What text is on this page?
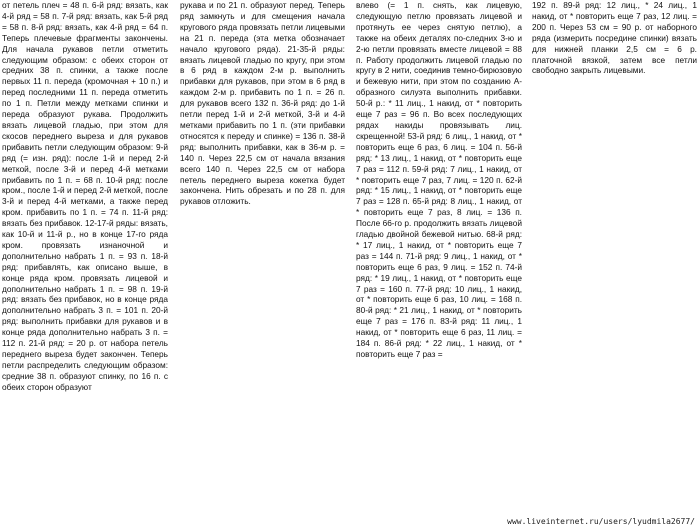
от петель плеч = 48 п. 6-й ряд: вязать, как 4-й ряд = 58 п. 7-й ряд: вязать, как 5-й ряд = 58 п. 8-й ряд: вязать, как 4-й ряд = 64 п. Теперь плечевые фрагменты закончены. Для начала рукавов петли отметить следующим образом: с обеих сторон от средних 38 п. спинки, а также после первых 11 п. переда (кромочная + 10 п.) и перед последними 11 п. переда отметить по 1 п. Петли между метками спинки и переда образуют рукава. Продолжить вязать лицевой гладью, при этом для скосов переднего выреза и для рукавов прибавить петли следующим образом: 9-й ряд (= изн. ряд): после 1-й и перед 2-й меткой, после 3-й и перед 4-й метками прибавить по 1 п. = 68 п. 10-й ряд: после кром., после 1-й и перед 2-й меткой, после 3-й и перед 4-й метками, а также перед кром. прибавить по 1 п. = 74 п. 11-й ряд: вязать без прибавок. 12-17-й ряды: вязать, как 10-й и 11-й р., но в конце 17-го ряда кром. провязать изнаночной и дополнительно набрать 1 п. = 93 п. 18-й ряд: прибавлять, как описано выше, в конце ряда кром. провязать лицевой и дополнительно набрать 1 п. = 98 п. 19-й ряд: вязать без прибавок, но в конце ряда дополнительно набрать 3 п. = 101 п. 20-й ряд: выполнить прибавки для рукавов и в конце ряда дополнительно набрать 3 п. = 112 п. 21-й ряд: = 20 р. от набора петель переднего выреза будет закончен. Теперь петли распределить следующим образом: средние 38 п. образуют спинку, по 16 п. с обеих сторон образуют

рукава и по 21 п. образуют перед. Теперь ряд замкнуть и для смещения начала кругового ряда провязать петли лицевыми на 21 п. переда (эта метка обозначает начало кругового ряда). 21-35-й ряды: вязать лицевой гладью по кругу, при этом в 6 ряд в каждом 2-м р. выполнить прибавки для рукавов, при этом в 6 ряд в каждом 2-м р. прибавить по 1 п. = 26 п. для рукавов всего 132 п. 36-й ряд: до 1-й петли перед 1-й и 2-й меткой, 3-й и 4-й метками прибавить по 1 п. (эти прибавки относятся к переду и спинке) = 136 п. 38-й ряд: выполнить прибавки, как в 36-м р. = 140 п. Через 22,5 см от начала вязания всего 140 п. Через 22,5 см от набора петель переднего выреза кокетка будет закончена. Нить обрезать и по 28 п. для рукавов отложить.

влево (= 1 п. снять, как лицевую, следующую петлю провязать лицевой и протянуть ее через снятую петлю), а также на обеих деталях по-следних 3-ю и 2-ю петли провязать вместе лицевой = 88 п. Работу продолжить лицевой гладью по кругу в 2 нити, соединив темно-бирюзовую и бежевую нити, при этом по созданию А-образного силуэта выполнить прибавки. 50-й р.: * 11 лиц., 1 накид, от * повторить еще 7 раз = 96 п. Во всех последующих рядах накиды провязывать лиц. скрещенной! 53-й ряд: 6 лиц., 1 накид, от * повторить еще 6 раз, 6 лиц. = 104 п. 56-й ряд: * 13 лиц., 1 накид, от * повторить еще 7 раз = 112 п. 59-й ряд: 7 лиц., 1 накид, от * повторить еще 7 раз, 7 лиц. = 120 п. 62-й ряд: * 15 лиц., 1 накид, от * повторить еще 7 раз = 128 п. 65-й ряд: 8 лиц., 1 накид, от * повторить еще 7 раз, 8 лиц. = 136 п. После 66-го р. продолжить вязать лицевой гладью двойной бежевой нитью. 68-й ряд: * 17 лиц., 1 накид, от * повторить еще 7 раз = 144 п. 71-й ряд: 9 лиц., 1 накид, от * повторить еще 6 раз, 9 лиц. = 152 п. 74-й ряд: * 19 лиц., 1 накид, от * повторить еще 7 раз = 160 п. 77-й ряд: 10 лиц., 1 накид, от * повторить еще 6 раз, 10 лиц. = 168 п. 80-й ряд: * 21 лиц., 1 накид, от * повторить еще 7 раз = 176 п. 83-й ряд: 11 лиц., 1 накид, от * повторить еще 6 раз, 11 лиц. = 184 п. 86-й ряд: * 22 лиц., 1 накид, от * повторить еще 7 раз =

192 п. 89-й ряд: 12 лиц., * 24 лиц., 1 накид, от * повторить еще 7 раз, 12 лиц. = 200 п. Через 53 см = 90 р. от наборного ряда (измерить посредине спинки) вязать для нижней планки 2,5 см = 6 р. платочной вязкой, затем все петли свободно закрыть лицевыми.

www.liveinternet.ru/users/lyudmila2677/
